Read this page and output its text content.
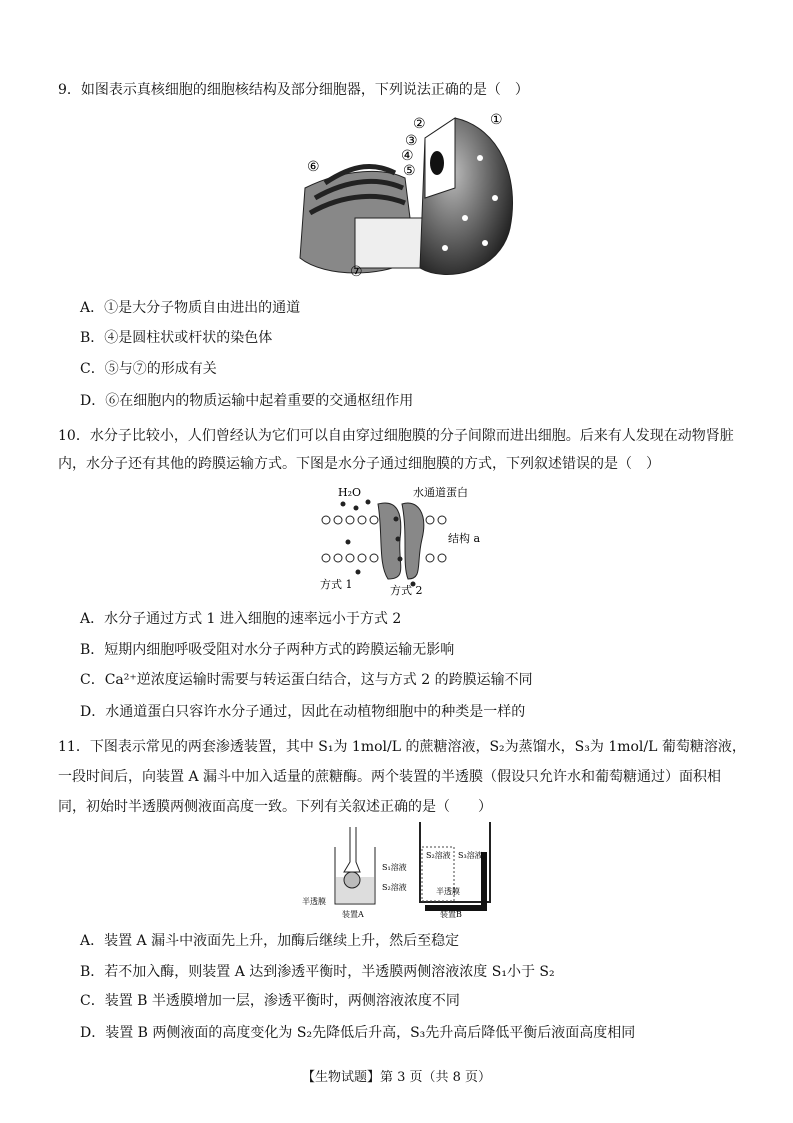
9．如图表示真核细胞的细胞核结构及部分细胞器，下列说法正确的是（　）
①
②
③
④
⑤
⑥
⑦
A．①是大分子物质自由进出的通道
B．④是圆柱状或杆状的染色体
C．⑤与⑦的形成有关
D．⑥在细胞内的物质运输中起着重要的交通枢纽作用
10．水分子比较小，人们曾经认为它们可以自由穿过细胞膜的分子间隙而进出细胞。后来有人发现在动物肾脏内，水分子还有其他的跨膜运输方式。下图是水分子通过细胞膜的方式，下列叙述错误的是（　）
H₂O	水通道蛋白
结构 a
方式 1	方式 2
A．水分子通过方式 1 进入细胞的速率远小于方式 2
B．短期内细胞呼吸受阻对水分子两种方式的跨膜运输无影响
C．Ca²⁺逆浓度运输时需要与转运蛋白结合，这与方式 2 的跨膜运输不同
D．水通道蛋白只容许水分子通过，因此在动植物细胞中的种类是一样的
11．下图表示常见的两套渗透装置，其中 S₁为 1mol/L 的蔗糖溶液，S₂为蒸馏水，S₃为 1mol/L 葡萄糖溶液，一段时间后，向装置 A 漏斗中加入适量的蔗糖酶。两个装置的半透膜（假设只允许水和葡萄糖通过）面积相同，初始时半透膜两侧液面高度一致。下列有关叙述正确的是（　　）
S₁溶液
S₂溶液
半透膜
装置A
S₂溶液 S₃溶液
半透膜
装置B
A．装置 A 漏斗中液面先上升，加酶后继续上升，然后至稳定
B．若不加入酶，则装置 A 达到渗透平衡时，半透膜两侧溶液浓度 S₁小于 S₂
C．装置 B 半透膜增加一层，渗透平衡时，两侧溶液浓度不同
D．装置 B 两侧液面的高度变化为 S₂先降低后升高，S₃先升高后降低平衡后液面高度相同
【生物试题】第 3 页（共 8 页）
